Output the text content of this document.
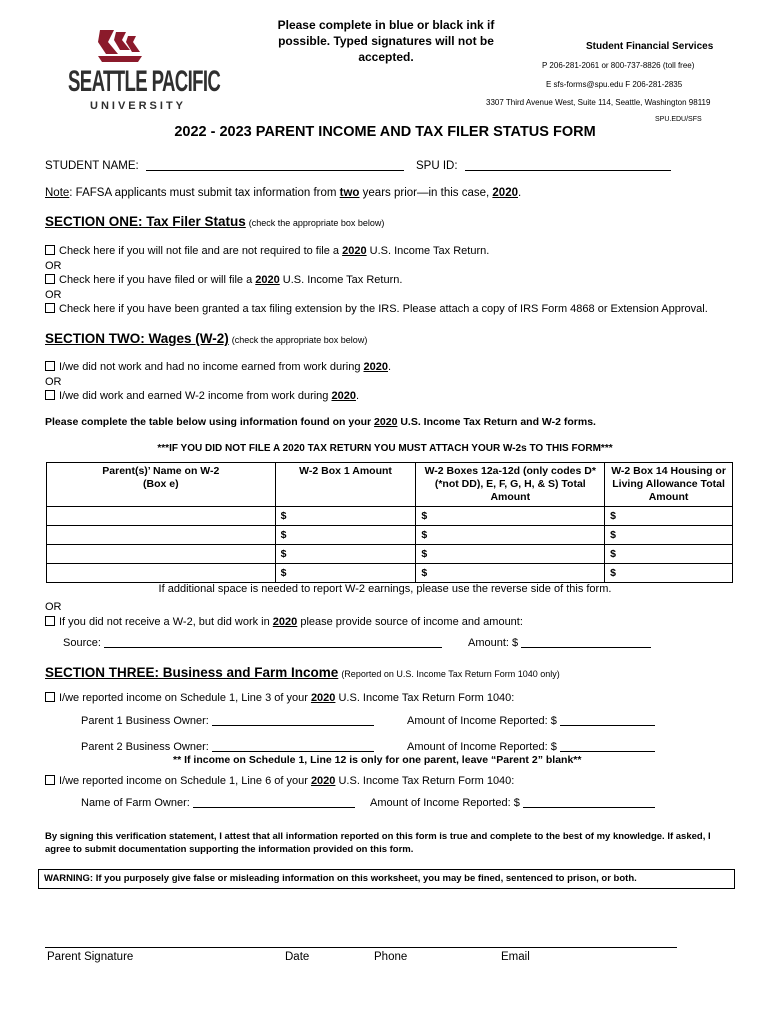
Please complete in blue or black ink if
possible. Typed signatures will not be
accepted.
SEATTLE PACIFIC
UNIVERSITY
Student Financial Services
P 206-281-2061 or 800-737-8826 (toll free)
E sfs-forms@spu.edu F 206-281-2835
3307 Third Avenue West, Suite 114, Seattle, Washington 98119
SPU.EDU/SFS
2022 - 2023 PARENT INCOME AND TAX FILER STATUS FORM
STUDENT NAME:	SPU ID:
Note: FAFSA applicants must submit tax information from two years prior—in this case, 2020.
SECTION ONE: Tax Filer Status (check the appropriate box below)
Check here if you will not file and are not required to file a 2020 U.S. Income Tax Return.
OR
Check here if you have filed or will file a 2020 U.S. Income Tax Return.
OR
Check here if you have been granted a tax filing extension by the IRS. Please attach a copy of IRS Form 4868 or Extension Approval.
SECTION TWO: Wages (W-2) (check the appropriate box below)
I/we did not work and had no income earned from work during 2020.
OR
I/we did work and earned W-2 income from work during 2020.
Please complete the table below using information found on your 2020 U.S. Income Tax Return and W-2 forms.
***IF YOU DID NOT FILE A 2020 TAX RETURN YOU MUST ATTACH YOUR W-2s TO THIS FORM***
Parent(s)’ Name on W-2
(Box e)	W-2 Box 1 Amount	W-2 Boxes 12a-12d (only codes D* (*not DD), E, F, G, H, & S) Total Amount	W-2 Box 14 Housing or Living Allowance Total Amount
	$	$	$
	$	$	$
	$	$	$
	$	$	$
If additional space is needed to report W-2 earnings, please use the reverse side of this form.
OR
If you did not receive a W-2, but did work in 2020 please provide source of income and amount:
Source:	Amount: $
SECTION THREE: Business and Farm Income (Reported on U.S. Income Tax Return Form 1040 only)
I/we reported income on Schedule 1, Line 3 of your 2020 U.S. Income Tax Return Form 1040:
Parent 1 Business Owner:	Amount of Income Reported: $
Parent 2 Business Owner:	Amount of Income Reported: $
** If income on Schedule 1, Line 12 is only for one parent, leave “Parent 2” blank**
I/we reported income on Schedule 1, Line 6 of your 2020 U.S. Income Tax Return Form 1040:
Name of Farm Owner:	Amount of Income Reported: $
By signing this verification statement, I attest that all information reported on this form is true and complete to the best of my knowledge. If asked, I agree to submit documentation supporting the information provided on this form.
WARNING: If you purposely give false or misleading information on this worksheet, you may be fined, sentenced to prison, or both.
Parent Signature	Date	Phone	Email
